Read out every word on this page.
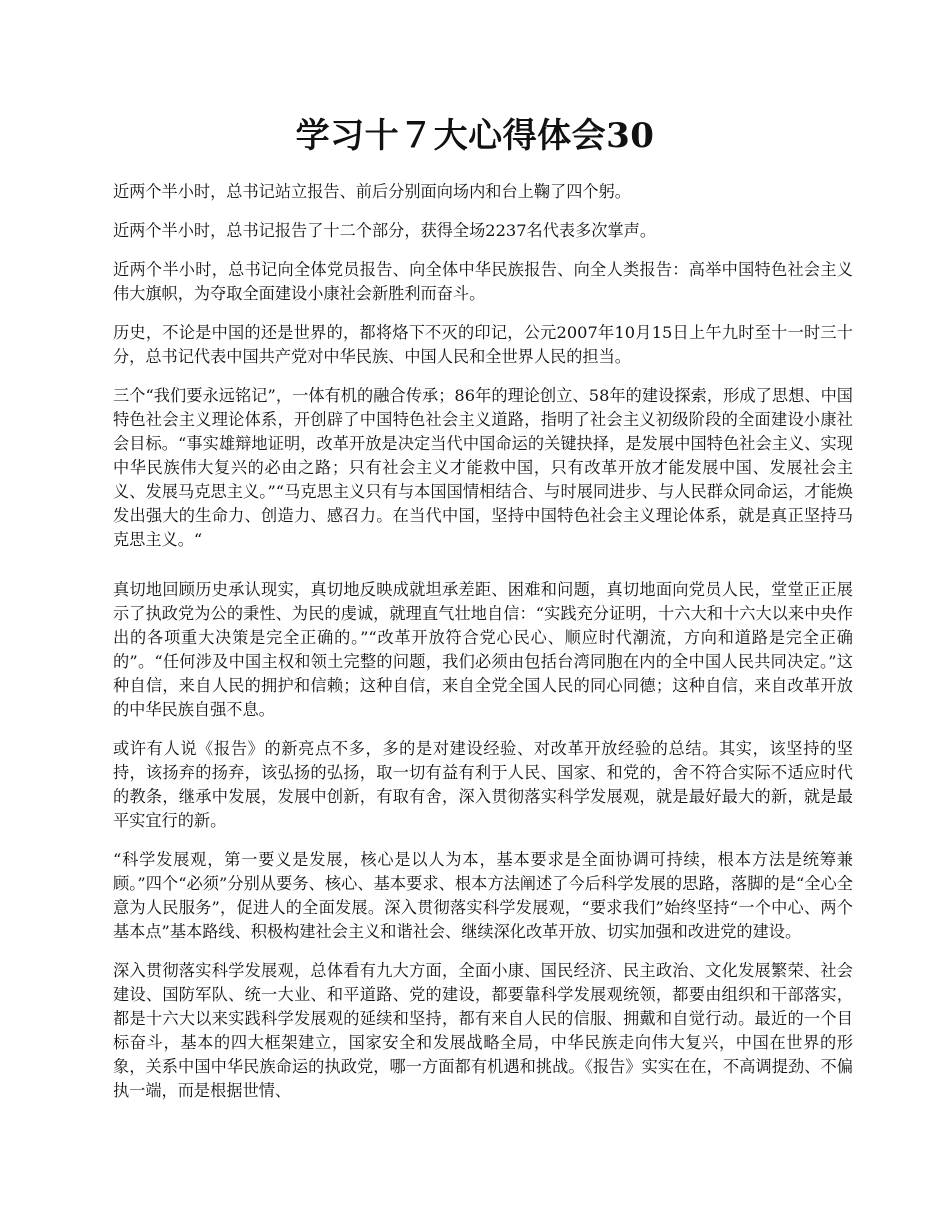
学习十７大心得体会30

近两个半小时，总书记站立报告、前后分别面向场内和台上鞠了四个躬。

近两个半小时，总书记报告了十二个部分，获得全场2237名代表多次掌声。

近两个半小时，总书记向全体党员报告、向全体中华民族报告、向全人类报告：高举中国特色社会主义伟大旗帜，为夺取全面建设小康社会新胜利而奋斗。

历史，不论是中国的还是世界的，都将烙下不灭的印记，公元2007年10月15日上午九时至十一时三十分，总书记代表中国共产党对中华民族、中国人民和全世界人民的担当。

三个“我们要永远铭记”，一体有机的融合传承；86年的理论创立、58年的建设探索，形成了思想、中国特色社会主义理论体系，开创辟了中国特色社会主义道路，指明了社会主义初级阶段的全面建设小康社会目标。“事实雄辩地证明，改革开放是决定当代中国命运的关键抉择，是发展中国特色社会主义、实现中华民族伟大复兴的必由之路；只有社会主义才能救中国，只有改革开放才能发展中国、发展社会主义、发展马克思主义。”“马克思主义只有与本国国情相结合、与时展同进步、与人民群众同命运，才能焕发出强大的生命力、创造力、感召力。在当代中国，坚持中国特色社会主义理论体系，就是真正坚持马克思主义。“

真切地回顾历史承认现实，真切地反映成就坦承差距、困难和问题，真切地面向党员人民，堂堂正正展示了执政党为公的秉性、为民的虔诚，就理直气壮地自信：“实践充分证明，十六大和十六大以来中央作出的各项重大决策是完全正确的。”“改革开放符合党心民心、顺应时代潮流，方向和道路是完全正确的”。“任何涉及中国主权和领土完整的问题，我们必须由包括台湾同胞在内的全中国人民共同决定。”这种自信，来自人民的拥护和信赖；这种自信，来自全党全国人民的同心同德；这种自信，来自改革开放的中华民族自强不息。

或许有人说《报告》的新亮点不多，多的是对建设经验、对改革开放经验的总结。其实，该坚持的坚持，该扬弃的扬弃，该弘扬的弘扬，取一切有益有利于人民、国家、和党的，舍不符合实际不适应时代的教条，继承中发展，发展中创新，有取有舍，深入贯彻落实科学发展观，就是最好最大的新，就是最平实宜行的新。

“科学发展观，第一要义是发展，核心是以人为本，基本要求是全面协调可持续，根本方法是统筹兼顾。”四个“必须”分别从要务、核心、基本要求、根本方法阐述了今后科学发展的思路，落脚的是“全心全意为人民服务”，促进人的全面发展。深入贯彻落实科学发展观，“要求我们”始终坚持“一个中心、两个基本点”基本路线、积极构建社会主义和谐社会、继续深化改革开放、切实加强和改进党的建设。

深入贯彻落实科学发展观，总体看有九大方面，全面小康、国民经济、民主政治、文化发展繁荣、社会建设、国防军队、统一大业、和平道路、党的建设，都要靠科学发展观统领，都要由组织和干部落实，都是十六大以来实践科学发展观的延续和坚持，都有来自人民的信服、拥戴和自觉行动。最近的一个目标奋斗，基本的四大框架建立，国家安全和发展战略全局，中华民族走向伟大复兴，中国在世界的形象，关系中国中华民族命运的执政党，哪一方面都有机遇和挑战。《报告》实实在在，不高调提劲、不偏执一端，而是根据世情、
